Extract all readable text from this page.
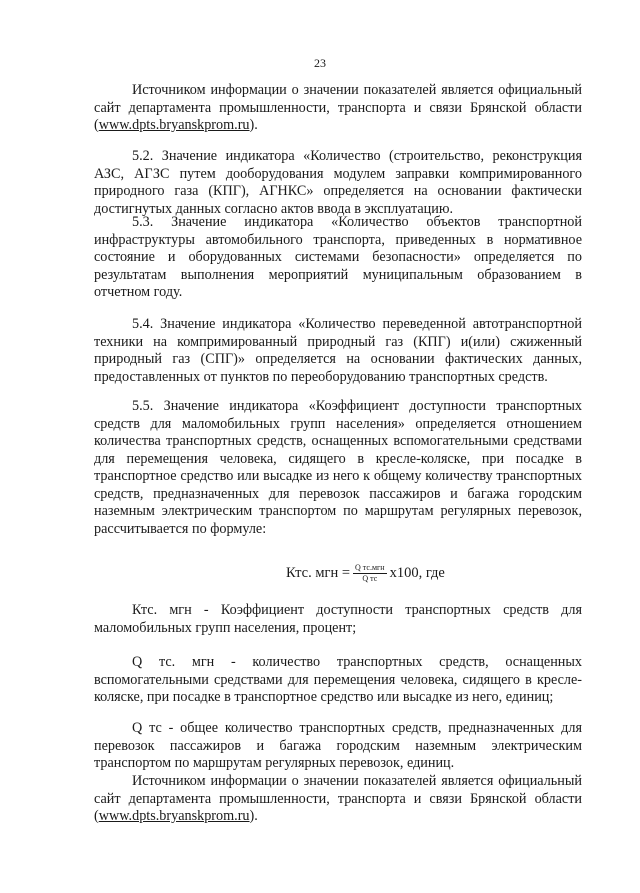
23

Источником информации о значении показателей является официальный сайт департамента промышленности, транспорта и связи Брянской области (www.dpts.bryanskprom.ru).

5.2. Значение индикатора «Количество (строительство, реконструкция АЗС, АГЗС путем дооборудования модулем заправки компримированного природного газа (КПГ), АГНКС» определяется на основании фактически достигнутых данных согласно актов ввода в эксплуатацию.

5.3. Значение индикатора «Количество объектов транспортной инфраструктуры автомобильного транспорта, приведенных в нормативное состояние и оборудованных системами безопасности» определяется по результатам выполнения мероприятий муниципальным образованием в отчетном году.

5.4. Значение индикатора «Количество переведенной автотранспортной техники на компримированный природный газ (КПГ) и(или) сжиженный природный газ (СПГ)» определяется на основании фактических данных, предоставленных от пунктов по переоборудованию транспортных средств.

5.5. Значение индикатора «Коэффициент доступности транспортных средств для маломобильных групп населения» определяется отношением количества транспортных средств, оснащенных вспомогательными средствами для перемещения человека, сидящего в кресле-коляске, при посадке в транспортное средство или высадке из него к общему количеству транспортных средств, предназначенных для перевозок пассажиров и багажа городским наземным электрическим транспортом по маршрутам регулярных перевозок, рассчитывается по формуле:

Ктс. мгн = $\frac{\text{Q тс.мгн}}{\text{Q тс}} x100$, где

Ктс. мгн - Коэффициент доступности транспортных средств для маломобильных групп населения, процент;

Q тс. мгн - количество транспортных средств, оснащенных вспомогательными средствами для перемещения человека, сидящего в кресле-коляске, при посадке в транспортное средство или высадке из него, единиц;

Q тс - общее количество транспортных средств, предназначенных для перевозок пассажиров и багажа городским наземным электрическим транспортом по маршрутам регулярных перевозок, единиц.

Источником информации о значении показателей является официальный сайт департамента промышленности, транспорта и связи Брянской области (www.dpts.bryanskprom.ru).
